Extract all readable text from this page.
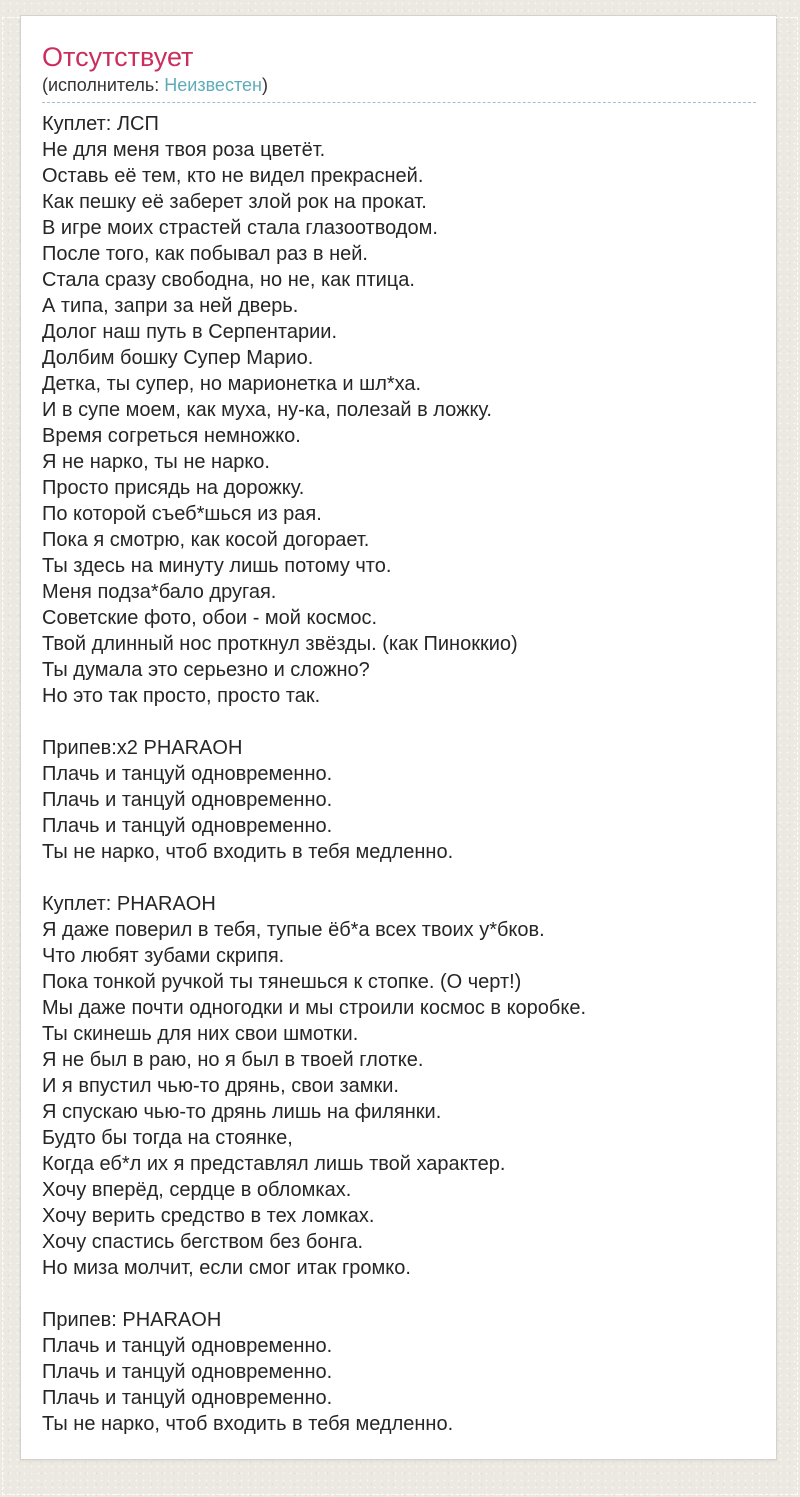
Отсутствует
(исполнитель: Неизвестен)
Куплет: ЛСП
Не для меня твоя роза цветёт.
Оставь её тем, кто не видел прекрасней.
Как пешку её заберет злой рок на прокат.
В игре моих страстей стала глазоотводом.
После того, как побывал раз в ней.
Стала сразу свободна, но не, как птица.
А типа, запри за ней дверь.
Долог наш путь в Серпентарии.
Долбим бошку Супер Марио.
Детка, ты супер, но марионетка и шл*ха.
И в супе моем, как муха, ну-ка, полезай в ложку.
Время согреться немножко.
Я не нарко, ты не нарко.
Просто присядь на дорожку.
По которой съеб*шься из рая.
Пока я смотрю, как косой догорает.
Ты здесь на минуту лишь потому что.
Меня подза*бало другая.
Советские фото, обои - мой космос.
Твой длинный нос проткнул звёзды. (как Пиноккио)
Ты думала это серьезно и сложно?
Но это так просто, просто так.

Припев:x2 PHARAOH
Плачь и танцуй одновременно.
Плачь и танцуй одновременно.
Плачь и танцуй одновременно.
Ты не нарко, чтоб входить в тебя медленно.

Куплет: PHARAOH
Я даже поверил в тебя, тупые ёб*а всех твоих у*бков.
Что любят зубами скрипя.
Пока тонкой ручкой ты тянешься к стопке. (О черт!)
Мы даже почти одногодки и мы строили космос в коробке.
Ты скинешь для них свои шмотки.
Я не был в раю, но я был в твоей глотке.
И я впустил чью-то дрянь, свои замки.
Я спускаю чью-то дрянь лишь на филянки.
Будто бы тогда на стоянке,
Когда еб*л их я представлял лишь твой характер.
Хочу вперёд, сердце в обломках.
Хочу верить средство в тех ломках.
Хочу спастись бегством без бонга.
Но миза молчит, если смог итак громко.

Припев: PHARAOH
Плачь и танцуй одновременно.
Плачь и танцуй одновременно.
Плачь и танцуй одновременно.
Ты не нарко, чтоб входить в тебя медленно.
